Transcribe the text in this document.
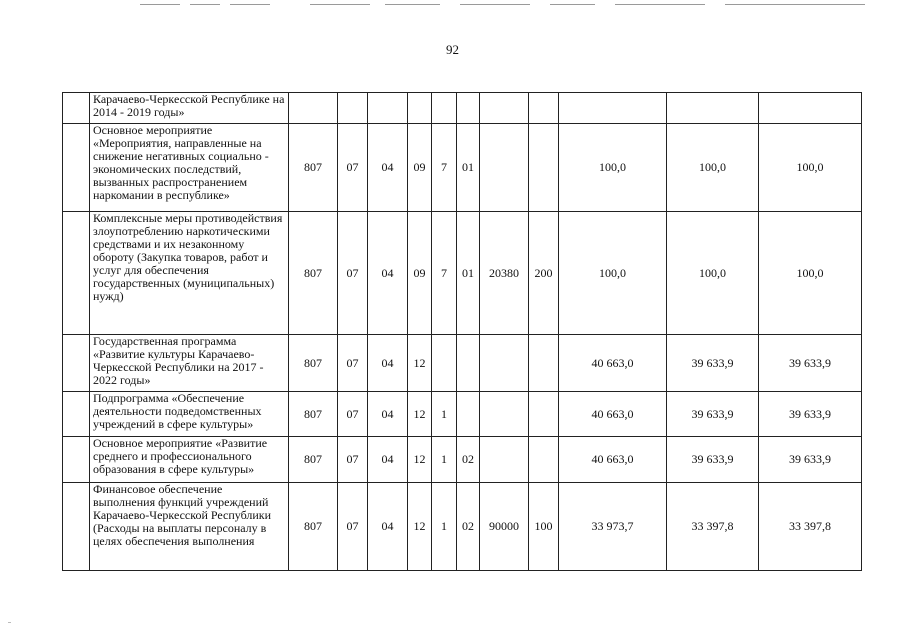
92
	Карачаево-Черкесской Республике на 2014 - 2019 годы»											
	Основное мероприятие «Мероприятия, направленные на снижение негативных социально - экономических последствий, вызванных распространением наркомании в республике»	807	07	04	09	7	01			100,0	100,0	100,0
	Комплексные меры противодействия злоупотреблению наркотическими средствами и их незаконному обороту (Закупка товаров, работ и услуг для обеспечения государственных (муниципальных) нужд)	807	07	04	09	7	01	20380	200	100,0	100,0	100,0
	Государственная программа «Развитие культуры Карачаево-Черкесской Республики на 2017 - 2022 годы»	807	07	04	12					40 663,0	39 633,9	39 633,9
	Подпрограмма «Обеспечение деятельности подведомственных учреждений в сфере культуры»	807	07	04	12	1				40 663,0	39 633,9	39 633,9
	Основное мероприятие «Развитие среднего и профессионального образования в сфере культуры»	807	07	04	12	1	02			40 663,0	39 633,9	39 633,9
	Финансовое обеспечение выполнения функций учреждений Карачаево-Черкесской Республики (Расходы на выплаты персоналу в целях обеспечения выполнения	807	07	04	12	1	02	90000	100	33 973,7	33 397,8	33 397,8
